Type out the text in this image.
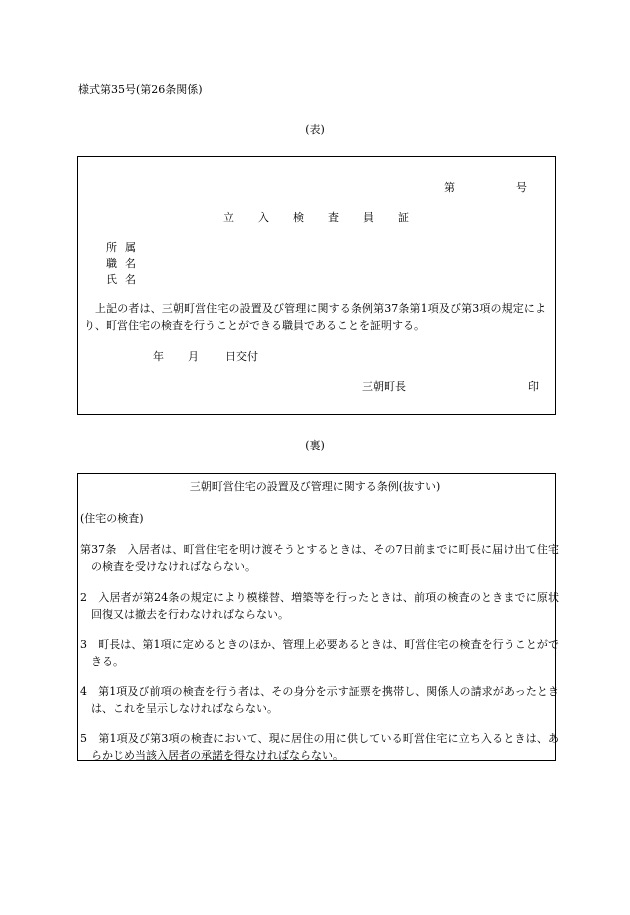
様式第35号(第26条関係)
(表)
第	号
立入検査員証
所属
職名
氏名
上記の者は、三朝町営住宅の設置及び管理に関する条例第37条第1項及び第3項の規定により、町営住宅の検査を行うことができる職員であることを証明する。
年 月 日交付
三朝町長	印
(裏)
三朝町営住宅の設置及び管理に関する条例(抜すい)
(住宅の検査)
第37条　入居者は、町営住宅を明け渡そうとするときは、その7日前までに町長に届け出て住宅の検査を受けなければならない。
2　入居者が第24条の規定により模様替、増築等を行ったときは、前項の検査のときまでに原状回復又は撤去を行わなければならない。
3　町長は、第1項に定めるときのほか、管理上必要あるときは、町営住宅の検査を行うことができる。
4　第1項及び前項の検査を行う者は、その身分を示す証票を携帯し、関係人の請求があったときは、これを呈示しなければならない。
5　第1項及び第3項の検査において、現に居住の用に供している町営住宅に立ち入るときは、あらかじめ当該入居者の承諾を得なければならない。
